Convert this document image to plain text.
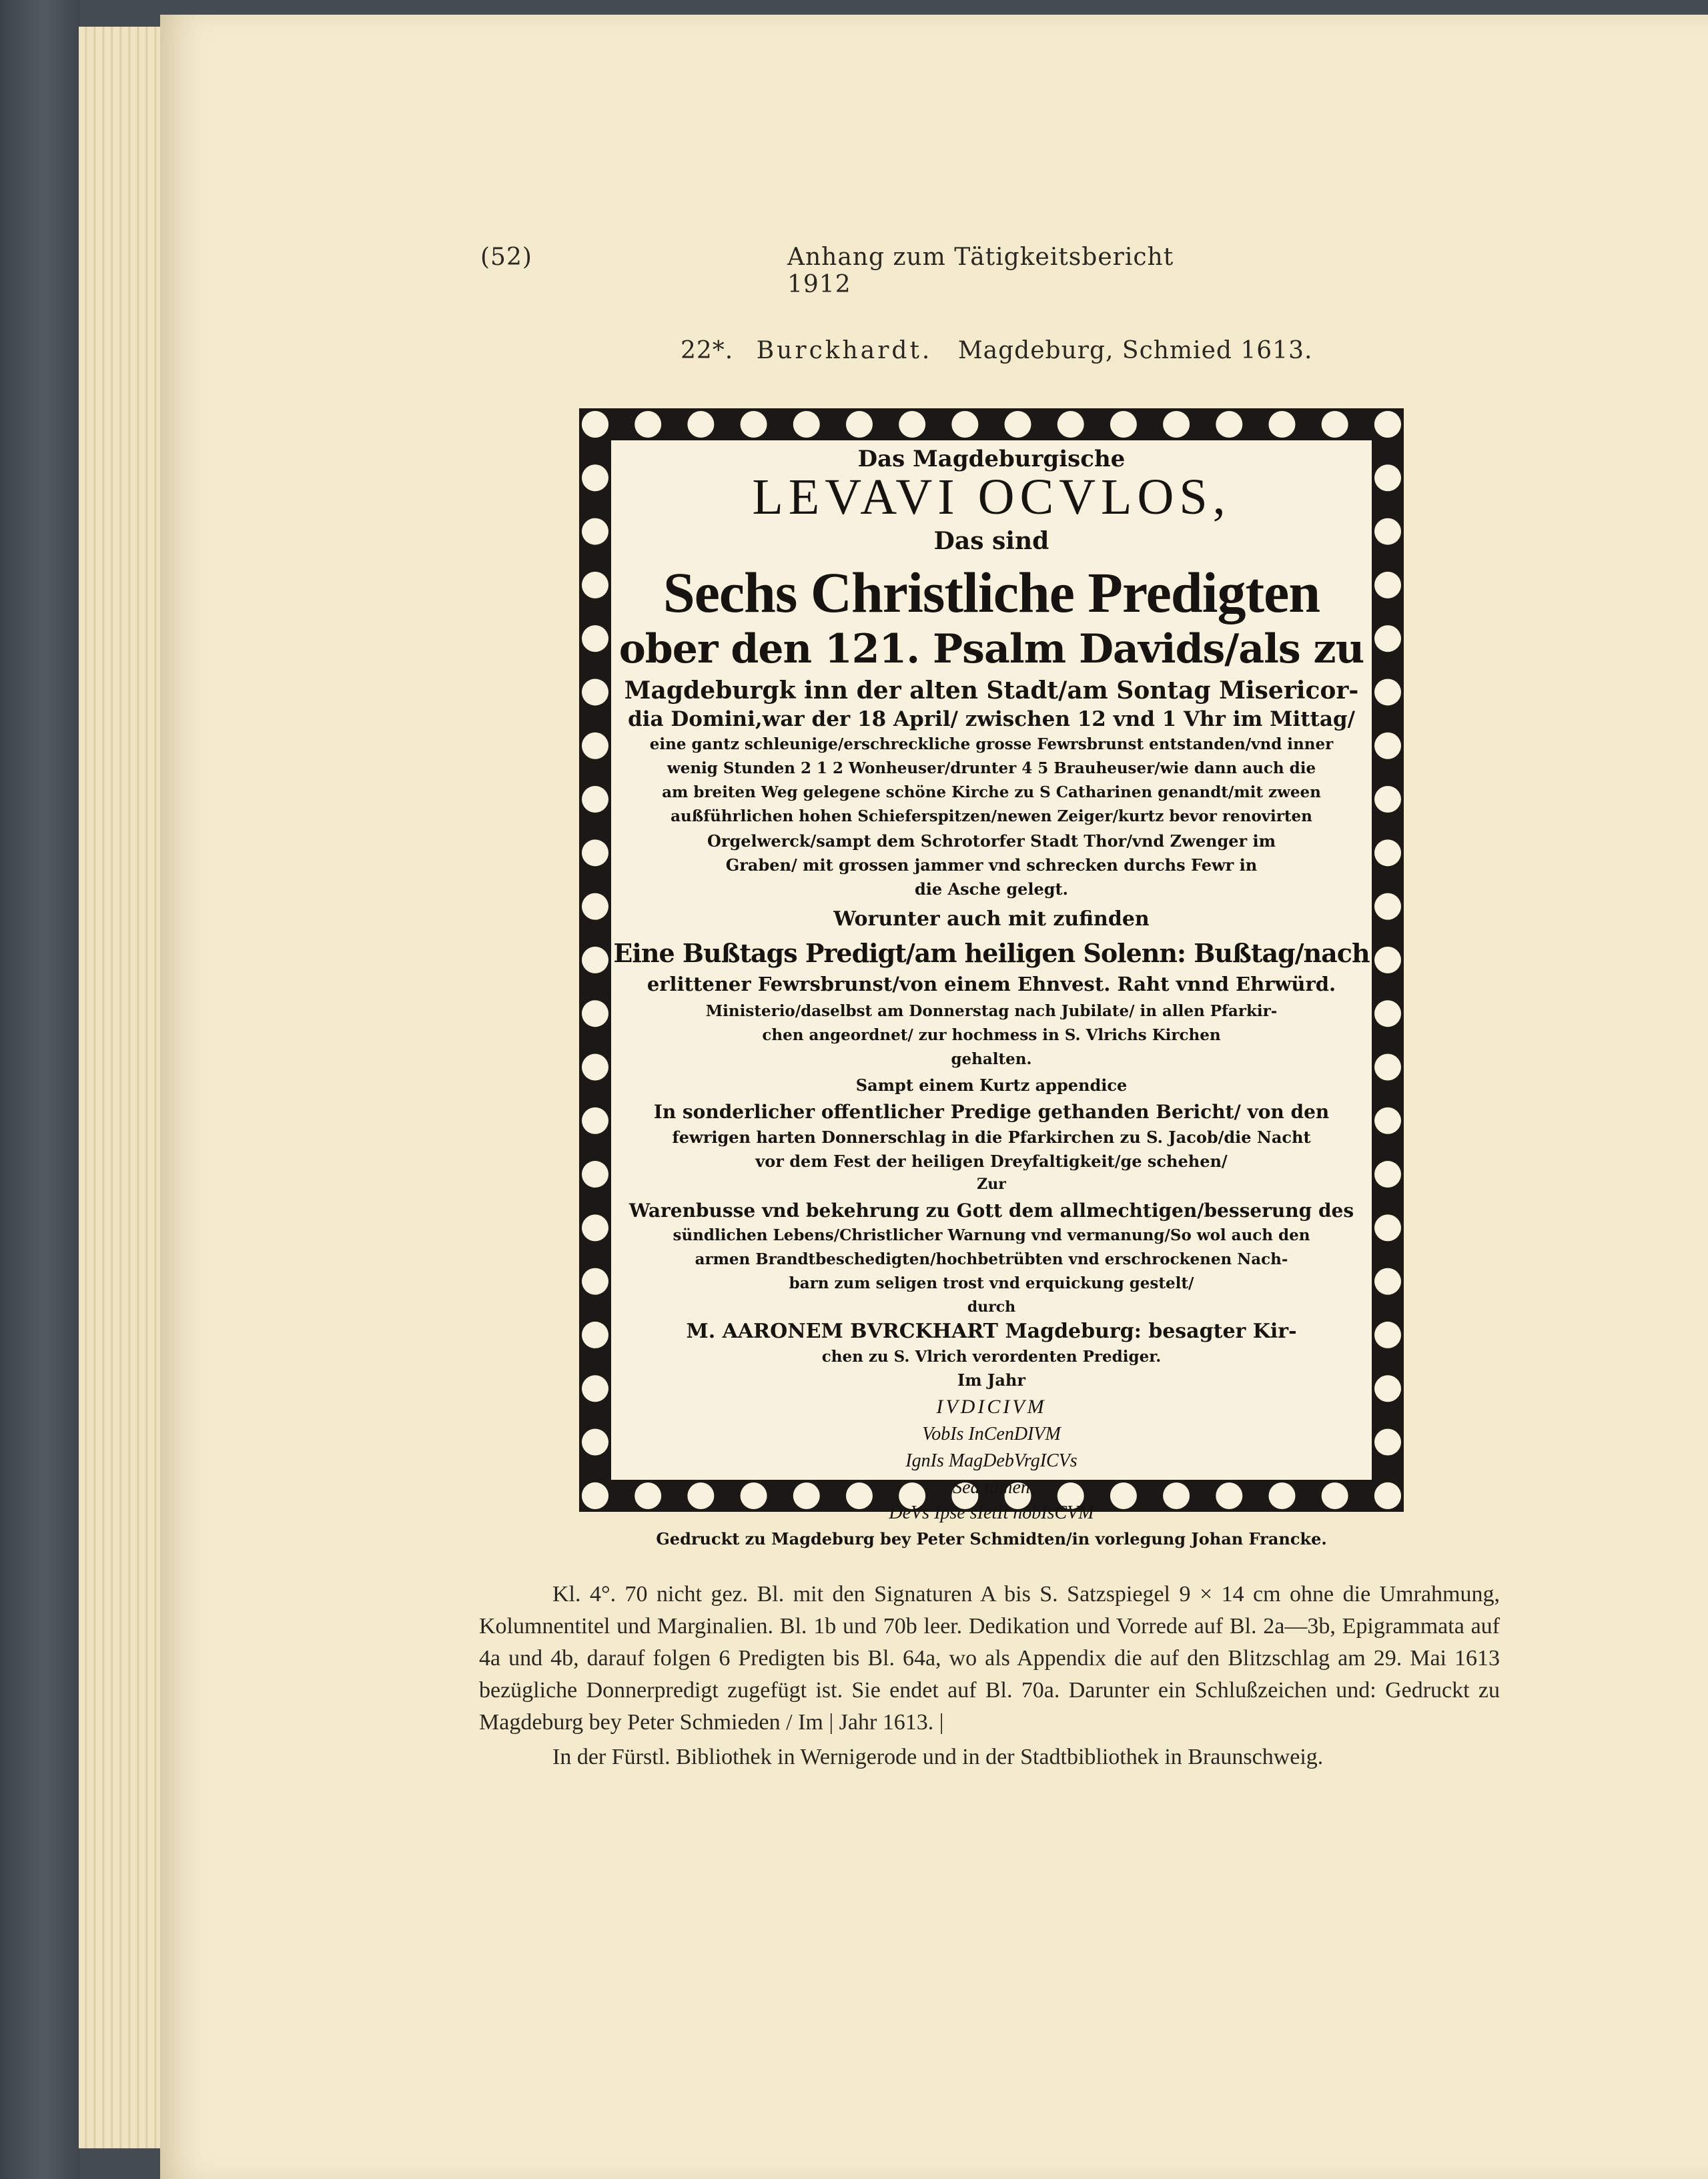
(52)	Anhang zum Tätigkeitsbericht 1912
22*. Burckhardt. Magdeburg, Schmied 1613.
Das Magdeburgische
LEVAVI OCVLOS,
Das sind
Sechs Christliche Predigten
ober den 121. Psalm Davids/als zu
Magdeburgk inn der alten Stadt/am Sontag Misericor-
dia Domini,war der 18 April/ zwischen 12 vnd 1 Vhr im Mittag/
eine gantz schleunige/erschreckliche grosse Fewrsbrunst entstanden/vnd inner
wenig Stunden 2 1 2 Wonheuser/drunter 4 5 Brauheuser/wie dann auch die
am breiten Weg gelegene schöne Kirche zu S Catharinen genandt/mit zween
außführlichen hohen Schieferspitzen/newen Zeiger/kurtz bevor renovirten
Orgelwerck/sampt dem Schrotorfer Stadt Thor/vnd Zwenger im
Graben/ mit grossen jammer vnd schrecken durchs Fewr in
die Asche gelegt.
Worunter auch mit zufinden
Eine Bußtags Predigt/am heiligen Solenn: Bußtag/nach
erlittener Fewrsbrunst/von einem Ehnvest. Raht vnnd Ehrwürd.
Ministerio/daselbst am Donnerstag nach Jubilate/ in allen Pfarkir-
chen angeordnet/ zur hochmess in S. Vlrichs Kirchen
gehalten.
Sampt einem Kurtz appendice
In sonderlicher offentlicher Predige gethanden Bericht/ von den
fewrigen harten Donnerschlag in die Pfarkirchen zu S. Jacob/die Nacht
vor dem Fest der heiligen Dreyfaltigkeit/ge schehen/
Zur
Warenbusse vnd bekehrung zu Gott dem allmechtigen/besserung des
sündlichen Lebens/Christlicher Warnung vnd vermanung/So wol auch den
armen Brandtbeschedigten/hochbetrübten vnd erschrockenen Nach-
barn zum seligen trost vnd erquickung gestelt/
durch
M. AARONEM BVRCKHART Magdeburg: besagter Kir-
chen zu S. Vlrich verordenten Prediger.
Im Jahr
IVDICIVM
VobIs InCenDIVM
IgnIs MagDebVrgICVs
Sed tamen
DeVs Ipse sIetIt nobIsCVM
Gedruckt zu Magdeburg bey Peter Schmidten/in vorlegung Johan Francke.

Kl. 4°. 70 nicht gez. Bl. mit den Signaturen A bis S. Satzspiegel 9 × 14 cm ohne die Umrahmung, Kolumnentitel und Marginalien. Bl. 1b und 70b leer. Dedikation und Vorrede auf Bl. 2a—3b, Epigrammata auf 4a und 4b, darauf folgen 6 Predigten bis Bl. 64a, wo als Appendix die auf den Blitzschlag am 29. Mai 1613 bezügliche Donnerpredigt zugefügt ist. Sie endet auf Bl. 70a. Darunter ein Schlußzeichen und: Gedruckt zu Magdeburg bey Peter Schmieden / Im | Jahr 1613. |

In der Fürstl. Bibliothek in Wernigerode und in der Stadtbibliothek in Braunschweig.
